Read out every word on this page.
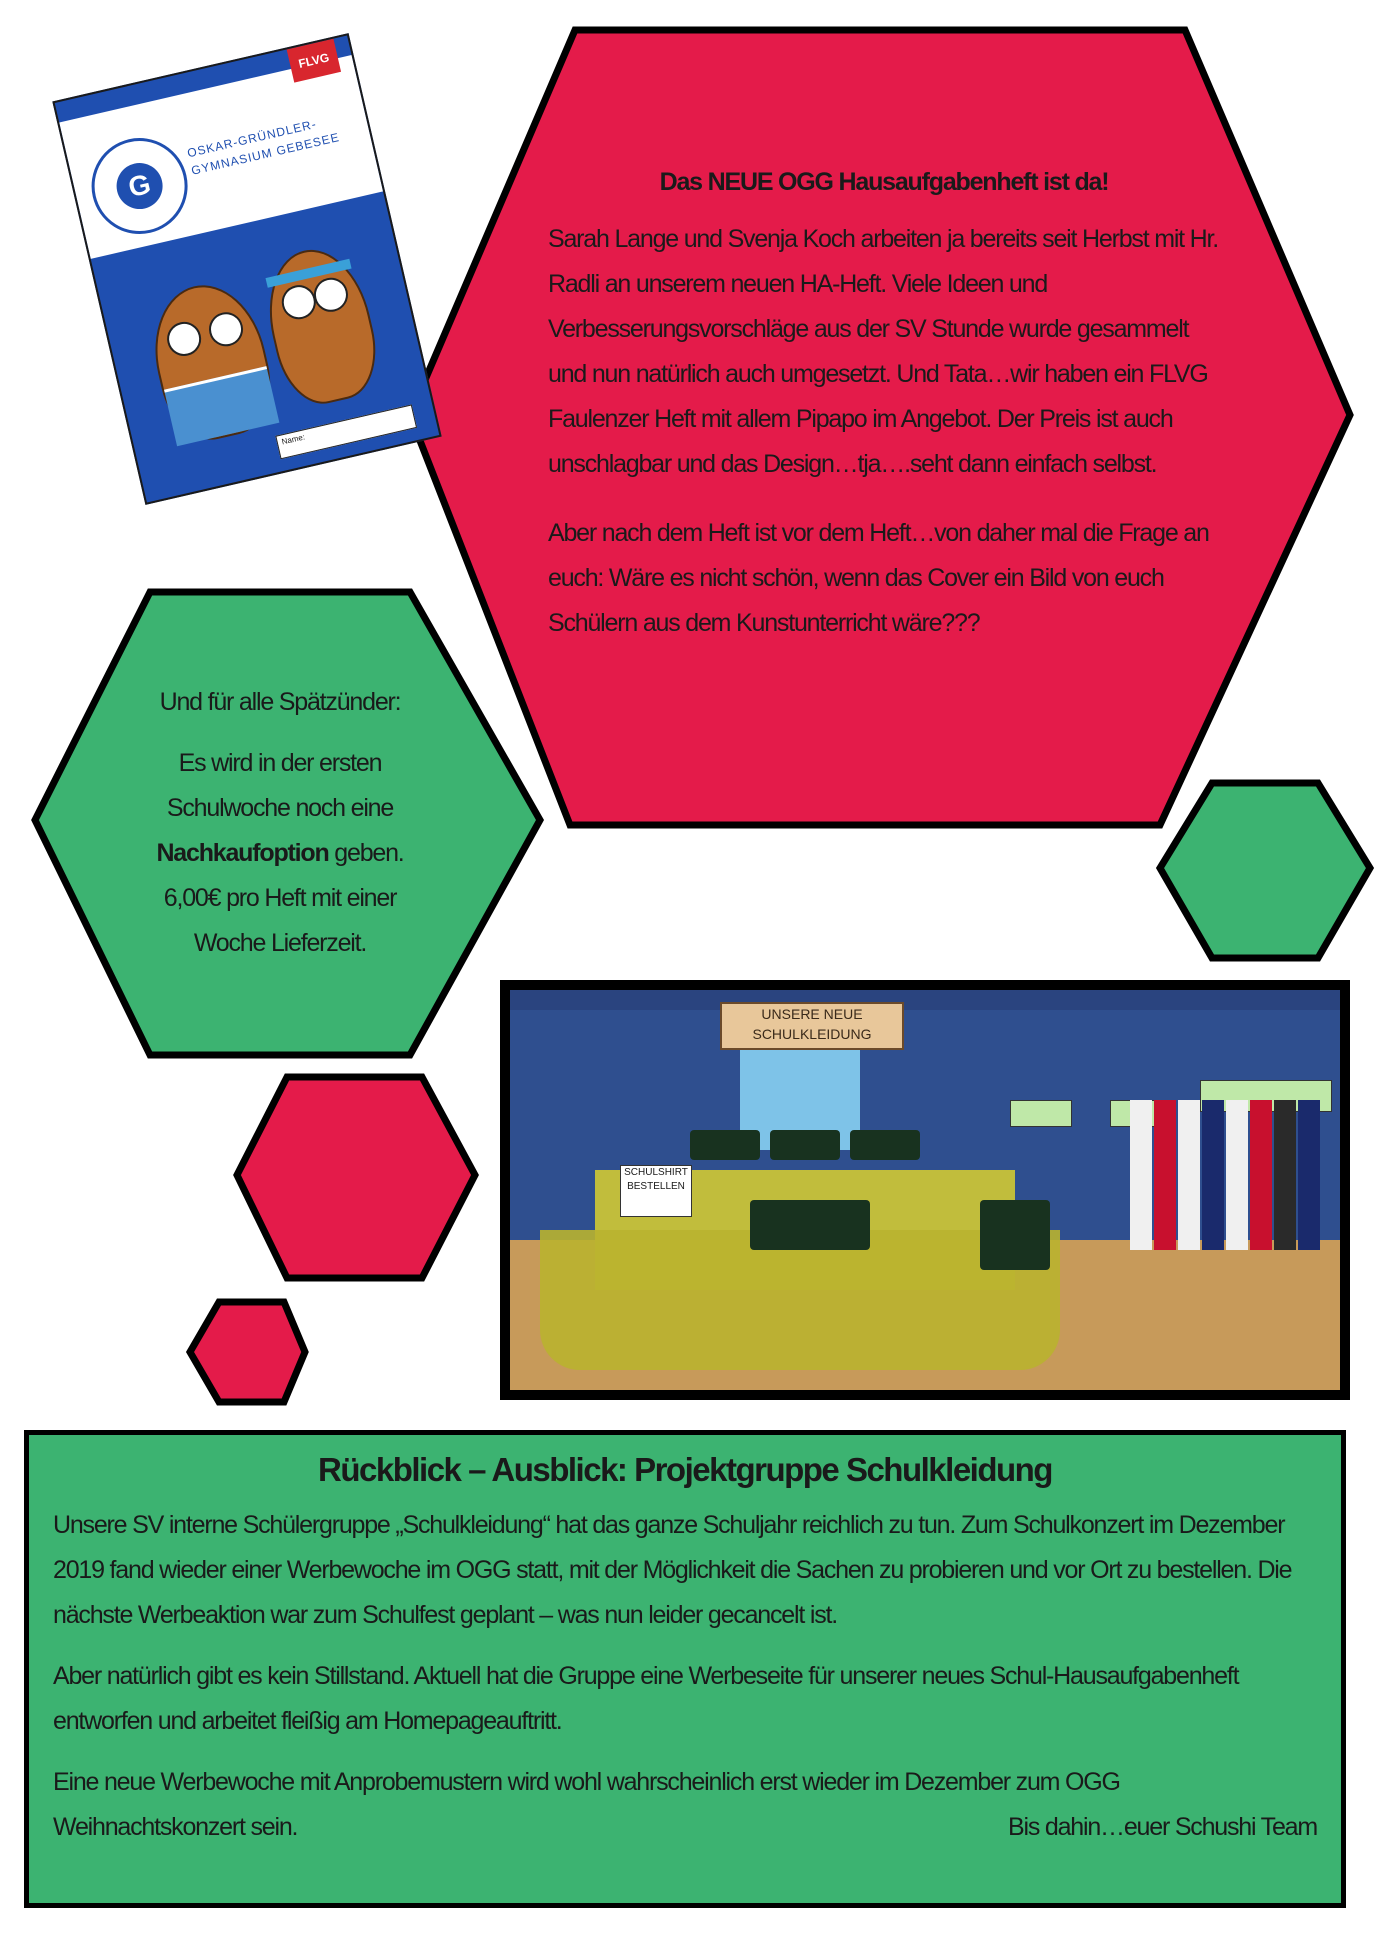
FLVG
G
OSKAR-GRÜNDLER-GYMNASIUM GEBESEE
Name:

Das NEUE OGG Hausaufgabenheft ist da!

Sarah Lange und Svenja Koch arbeiten ja bereits seit Herbst mit Hr. Radli an unserem neuen HA-Heft. Viele Ideen und Verbesserungsvorschläge aus der SV Stunde wurde gesammelt und nun natürlich auch umgesetzt. Und Tata…wir haben ein FLVG Faulenzer Heft mit allem Pipapo im Angebot. Der Preis ist auch unschlagbar und das Design…tja….seht dann einfach selbst.

Aber nach dem Heft ist vor dem Heft…von daher mal die Frage an euch: Wäre es nicht schön, wenn das Cover ein Bild von euch Schülern aus dem Kunstunterricht wäre???

Und für alle Spätzünder:

Es wird in der ersten Schulwoche noch eine Nachkaufoption geben. 6,00€ pro Heft mit einer Woche Lieferzeit.

UNSERE NEUE SCHULKLEIDUNG
SCHULSHIRT BESTELLEN
Rückblick – Ausblick: Projektgruppe Schulkleidung

Unsere SV interne Schülergruppe „Schulkleidung“ hat das ganze Schuljahr reichlich zu tun. Zum Schulkonzert im Dezember 2019 fand wieder einer Werbewoche im OGG statt, mit der Möglichkeit die Sachen zu probieren und vor Ort zu bestellen. Die nächste Werbeaktion war zum Schulfest geplant – was nun leider gecancelt ist.

Aber natürlich gibt es kein Stillstand. Aktuell hat die Gruppe eine Werbeseite für unserer neues Schul-Hausaufgabenheft entworfen und arbeitet fleißig am Homepageauftritt.

Eine neue Werbewoche mit Anprobemustern wird wohl wahrscheinlich erst wieder im Dezember zum OGG Weihnachtskonzert sein.	Bis dahin…euer Schushi Team
